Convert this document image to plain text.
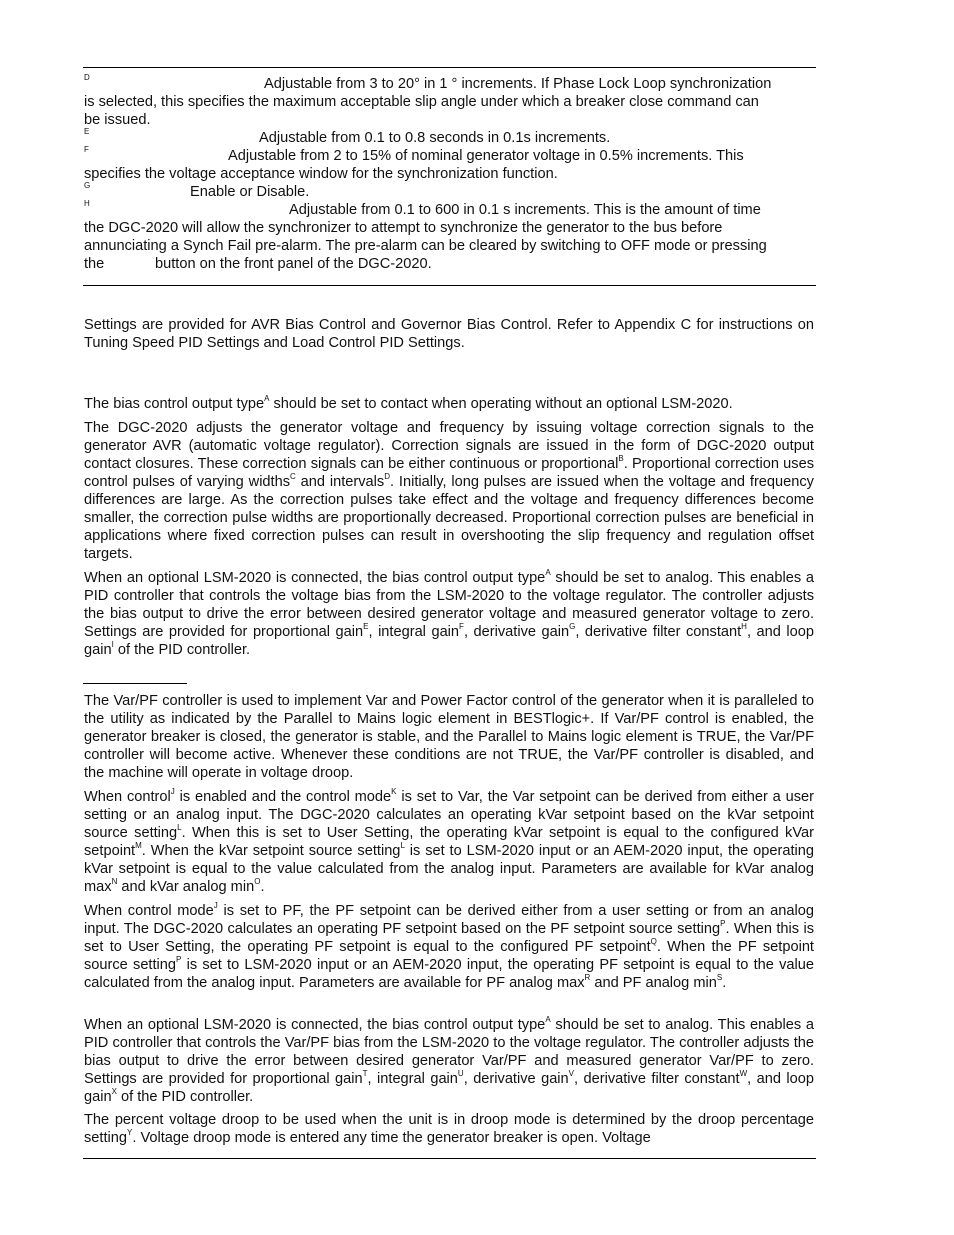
D	Adjustable from 3 to 20° in 1 ° increments. If Phase Lock Loop synchronization
is selected, this specifies the maximum acceptable slip angle under which a breaker close command can
be issued.
E	Adjustable from 0.1 to 0.8 seconds in 0.1s increments.
F	Adjustable from 2 to 15% of nominal generator voltage in 0.5% increments. This
specifies the voltage acceptance window for the synchronization function.
G	Enable or Disable.
H	Adjustable from 0.1 to 600 in 0.1 s increments. This is the amount of time
the DGC-2020 will allow the synchronizer to attempt to synchronize the generator to the bus before
annunciating a Synch Fail pre-alarm. The pre-alarm can be cleared by switching to OFF mode or pressing
the	button on the front panel of the DGC-2020.

Settings are provided for AVR Bias Control and Governor Bias Control. Refer to Appendix C for instructions on Tuning Speed PID Settings and Load Control PID Settings.

The bias control output type$^A$ should be set to contact when operating without an optional LSM-2020.

The DGC-2020 adjusts the generator voltage and frequency by issuing voltage correction signals to the generator AVR (automatic voltage regulator). Correction signals are issued in the form of DGC-2020 output contact closures. These correction signals can be either continuous or proportional$^B$. Proportional correction uses control pulses of varying widths$^C$ and intervals$^D$. Initially, long pulses are issued when the voltage and frequency differences are large. As the correction pulses take effect and the voltage and frequency differences become smaller, the correction pulse widths are proportionally decreased. Proportional correction pulses are beneficial in applications where fixed correction pulses can result in overshooting the slip frequency and regulation offset targets.

When an optional LSM-2020 is connected, the bias control output type$^A$ should be set to analog. This enables a PID controller that controls the voltage bias from the LSM-2020 to the voltage regulator. The controller adjusts the bias output to drive the error between desired generator voltage and measured generator voltage to zero. Settings are provided for proportional gain$^E$, integral gain$^F$, derivative gain$^G$, derivative filter constant$^H$, and loop gain$^I$ of the PID controller.

The Var/PF controller is used to implement Var and Power Factor control of the generator when it is paralleled to the utility as indicated by the Parallel to Mains logic element in BESTlogic+. If Var/PF control is enabled, the generator breaker is closed, the generator is stable, and the Parallel to Mains logic element is TRUE, the Var/PF controller will become active. Whenever these conditions are not TRUE, the Var/PF controller is disabled, and the machine will operate in voltage droop.

When control$^J$ is enabled and the control mode$^K$ is set to Var, the Var setpoint can be derived from either a user setting or an analog input. The DGC-2020 calculates an operating kVar setpoint based on the kVar setpoint source setting$^L$. When this is set to User Setting, the operating kVar setpoint is equal to the configured kVar setpoint$^M$. When the kVar setpoint source setting$^L$ is set to LSM-2020 input or an AEM-2020 input, the operating kVar setpoint is equal to the value calculated from the analog input. Parameters are available for kVar analog $\max^N$ and kVar analog $\min^O$.

When control mode$^J$ is set to PF, the PF setpoint can be derived either from a user setting or from an analog input. The DGC-2020 calculates an operating PF setpoint based on the PF setpoint source setting$^P$. When this is set to User Setting, the operating PF setpoint is equal to the configured PF setpoint$^Q$. When the PF setpoint source setting$^P$ is set to LSM-2020 input or an AEM-2020 input, the operating PF setpoint is equal to the value calculated from the analog input. Parameters are available for PF analog $\max^R$ and PF analog $\min^S$.

When an optional LSM-2020 is connected, the bias control output type$^A$ should be set to analog. This enables a PID controller that controls the Var/PF bias from the LSM-2020 to the voltage regulator. The controller adjusts the bias output to drive the error between desired generator Var/PF and measured generator Var/PF to zero. Settings are provided for proportional gain$^T$, integral gain$^U$, derivative gain$^V$, derivative filter constant$^W$, and loop gain$^X$ of the PID controller.

The percent voltage droop to be used when the unit is in droop mode is determined by the droop percentage setting$^Y$. Voltage droop mode is entered any time the generator breaker is open. Voltage
